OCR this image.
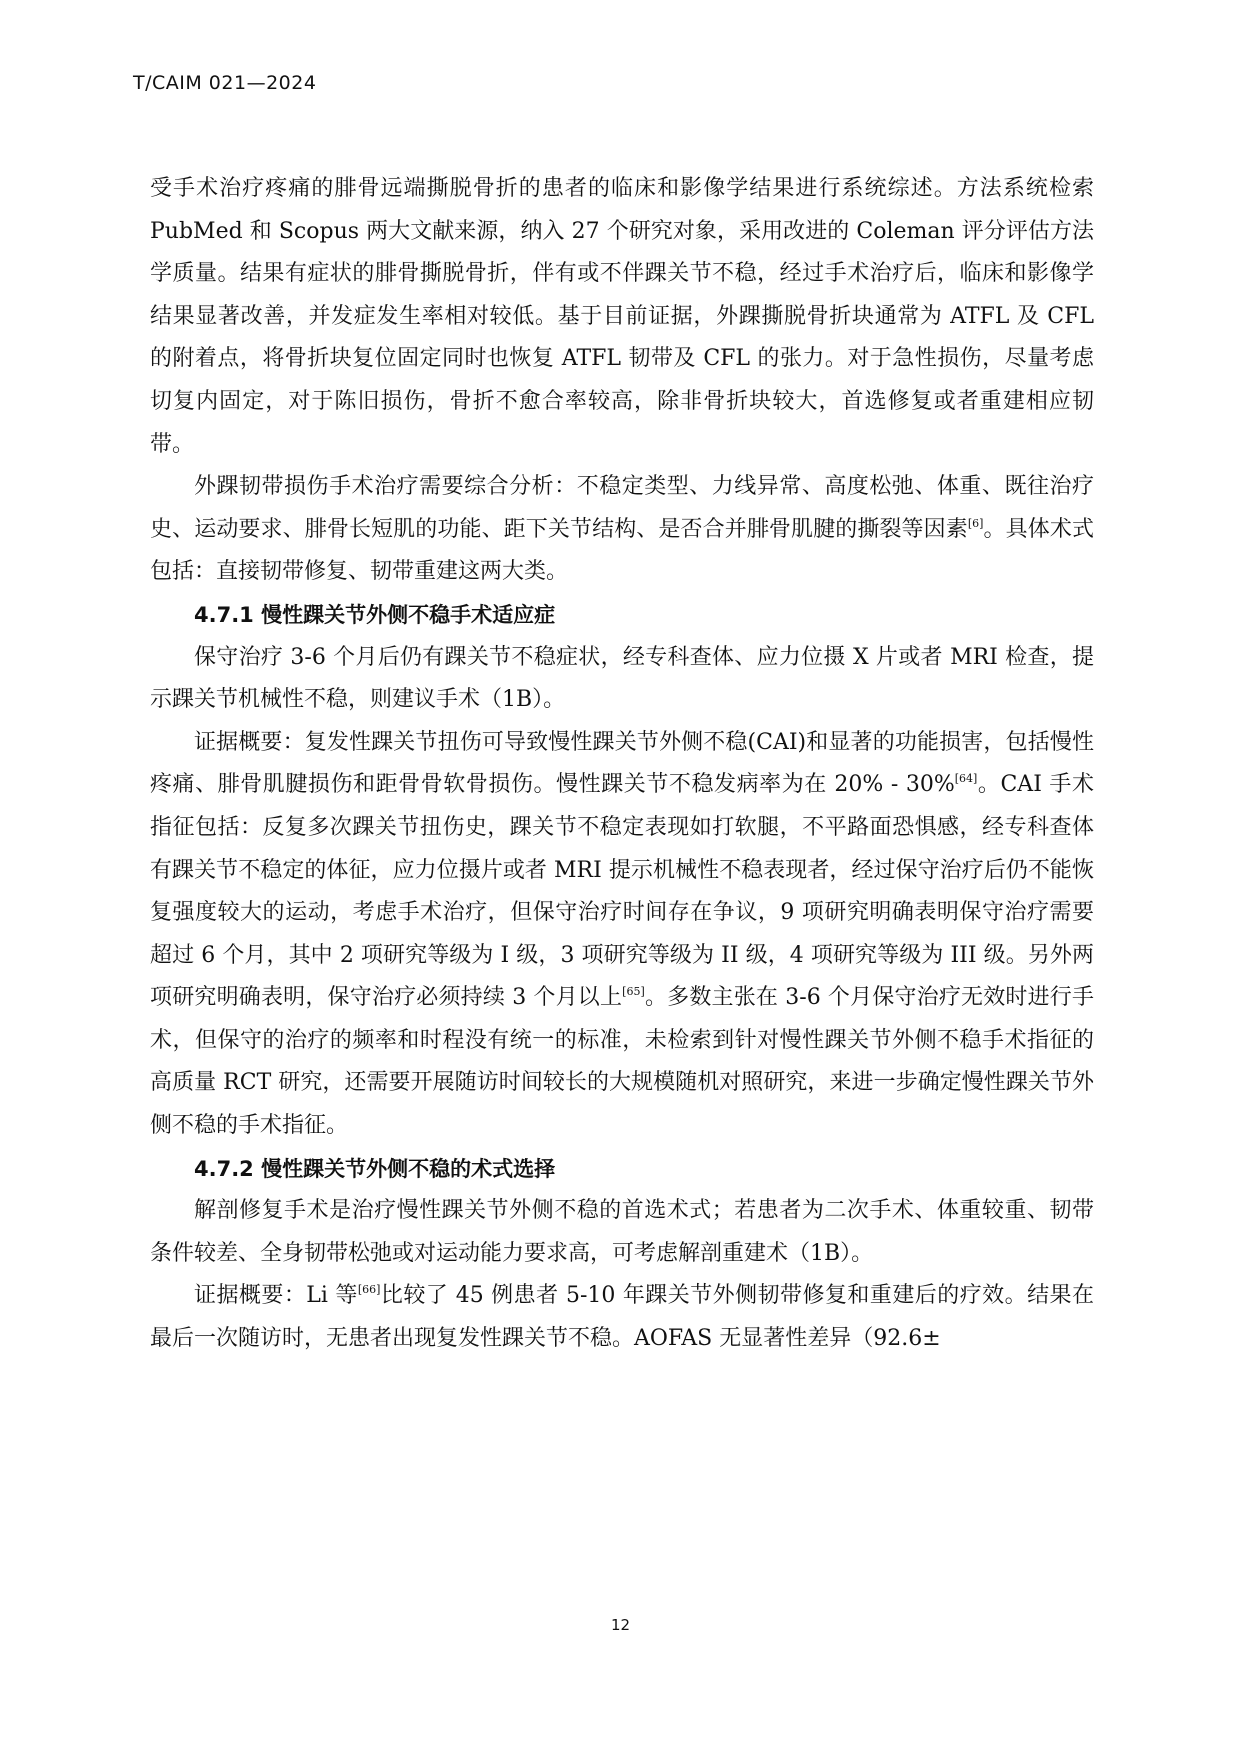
T/CAIM 021—2024

受手术治疗疼痛的腓骨远端撕脱骨折的患者的临床和影像学结果进行系统综述。方法系统检索 PubMed 和 Scopus 两大文献来源，纳入 27 个研究对象，采用改进的 Coleman 评分评估方法学质量。结果有症状的腓骨撕脱骨折，伴有或不伴踝关节不稳，经过手术治疗后，临床和影像学结果显著改善，并发症发生率相对较低。基于目前证据，外踝撕脱骨折块通常为 ATFL 及 CFL 的附着点，将骨折块复位固定同时也恢复 ATFL 韧带及 CFL 的张力。对于急性损伤，尽量考虑切复内固定，对于陈旧损伤，骨折不愈合率较高，除非骨折块较大，首选修复或者重建相应韧带。

外踝韧带损伤手术治疗需要综合分析：不稳定类型、力线异常、高度松弛、体重、既往治疗史、运动要求、腓骨长短肌的功能、距下关节结构、是否合并腓骨肌腱的撕裂等因素[6]。具体术式包括：直接韧带修复、韧带重建这两大类。

4.7.1 慢性踝关节外侧不稳手术适应症

保守治疗 3-6 个月后仍有踝关节不稳症状，经专科查体、应力位摄 X 片或者 MRI 检查，提示踝关节机械性不稳，则建议手术（1B）。

证据概要：复发性踝关节扭伤可导致慢性踝关节外侧不稳(CAI)和显著的功能损害，包括慢性疼痛、腓骨肌腱损伤和距骨骨软骨损伤。慢性踝关节不稳发病率为在 20% - 30%[64]。CAI 手术指征包括：反复多次踝关节扭伤史，踝关节不稳定表现如打软腿，不平路面恐惧感，经专科查体有踝关节不稳定的体征，应力位摄片或者 MRI 提示机械性不稳表现者，经过保守治疗后仍不能恢复强度较大的运动，考虑手术治疗，但保守治疗时间存在争议，9 项研究明确表明保守治疗需要超过 6 个月，其中 2 项研究等级为 I 级，3 项研究等级为 II 级，4 项研究等级为 III 级。另外两项研究明确表明，保守治疗必须持续 3 个月以上[65]。多数主张在 3-6 个月保守治疗无效时进行手术，但保守的治疗的频率和时程没有统一的标准，未检索到针对慢性踝关节外侧不稳手术指征的高质量 RCT 研究，还需要开展随访时间较长的大规模随机对照研究，来进一步确定慢性踝关节外侧不稳的手术指征。

4.7.2 慢性踝关节外侧不稳的术式选择

解剖修复手术是治疗慢性踝关节外侧不稳的首选术式；若患者为二次手术、体重较重、韧带条件较差、全身韧带松弛或对运动能力要求高，可考虑解剖重建术（1B）。

证据概要：Li 等[66]比较了 45 例患者 5-10 年踝关节外侧韧带修复和重建后的疗效。结果在最后一次随访时，无患者出现复发性踝关节不稳。AOFAS 无显著性差异（92.6±

12
